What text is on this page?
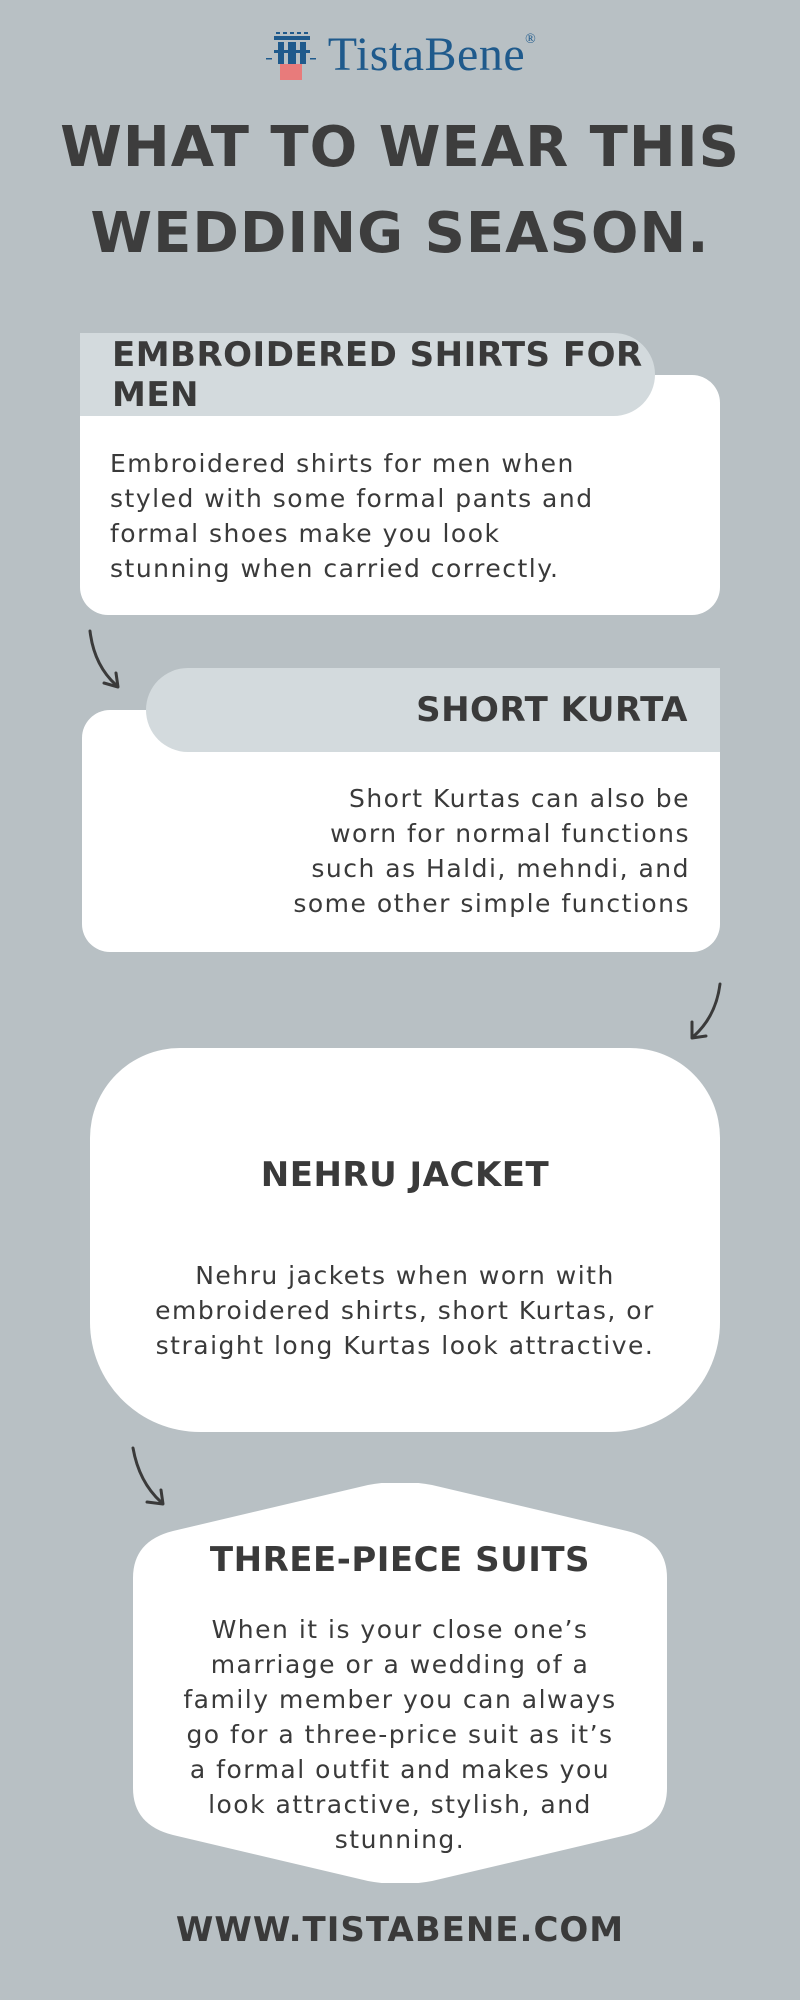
TistaBene®
WHAT TO WEAR THIS
WEDDING SEASON.
EMBROIDERED SHIRTS FOR MEN
Embroidered shirts for men when
styled with some formal pants and
formal shoes make you look
stunning when carried correctly.
SHORT KURTA
Short Kurtas can also be
worn for normal functions
such as Haldi, mehndi, and
some other simple functions
NEHRU JACKET
Nehru jackets when worn with
embroidered shirts, short Kurtas, or
straight long Kurtas look attractive.
THREE-PIECE SUITS
When it is your close one’s
marriage or a wedding of a
family member you can always
go for a three-price suit as it’s
a formal outfit and makes you
look attractive, stylish, and
stunning.
WWW.TISTABENE.COM
